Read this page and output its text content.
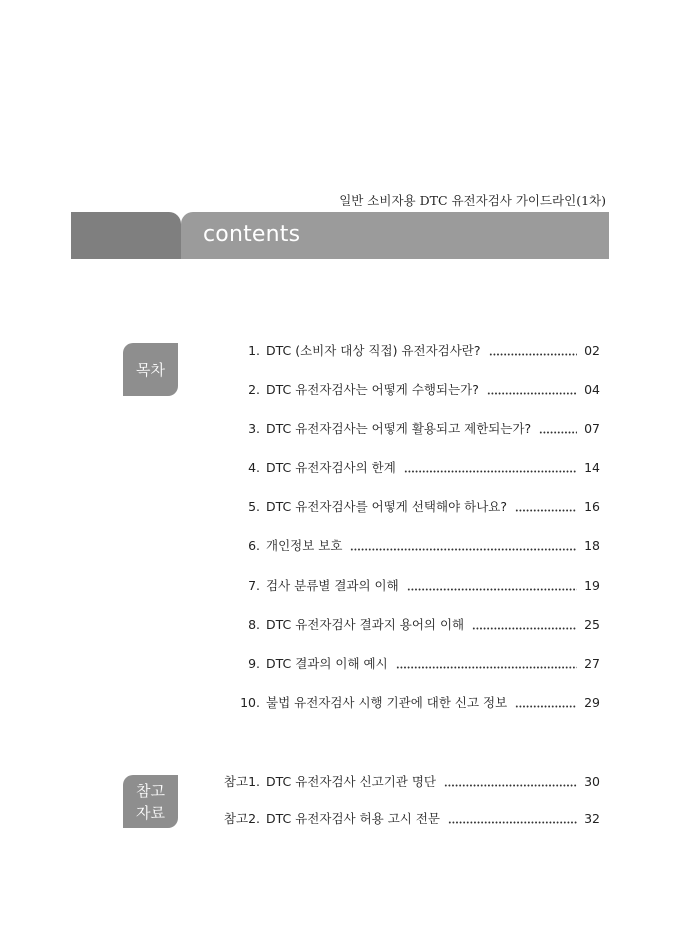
일반 소비자용 DTC 유전자검사 가이드라인(1차)
contents
목차
참고
자료
1. DTC (소비자 대상 직접) 유전자검사란?	02
2. DTC 유전자검사는 어떻게 수행되는가?	04
3. DTC 유전자검사는 어떻게 활용되고 제한되는가?	07
4. DTC 유전자검사의 한계	14
5. DTC 유전자검사를 어떻게 선택해야 하나요?	16
6. 개인정보 보호	18
7. 검사 분류별 결과의 이해	19
8. DTC 유전자검사 결과지 용어의 이해	25
9. DTC 결과의 이해 예시	27
10. 불법 유전자검사 시행 기관에 대한 신고 정보	29
참고1. DTC 유전자검사 신고기관 명단	30
참고2. DTC 유전자검사 허용 고시 전문	32
